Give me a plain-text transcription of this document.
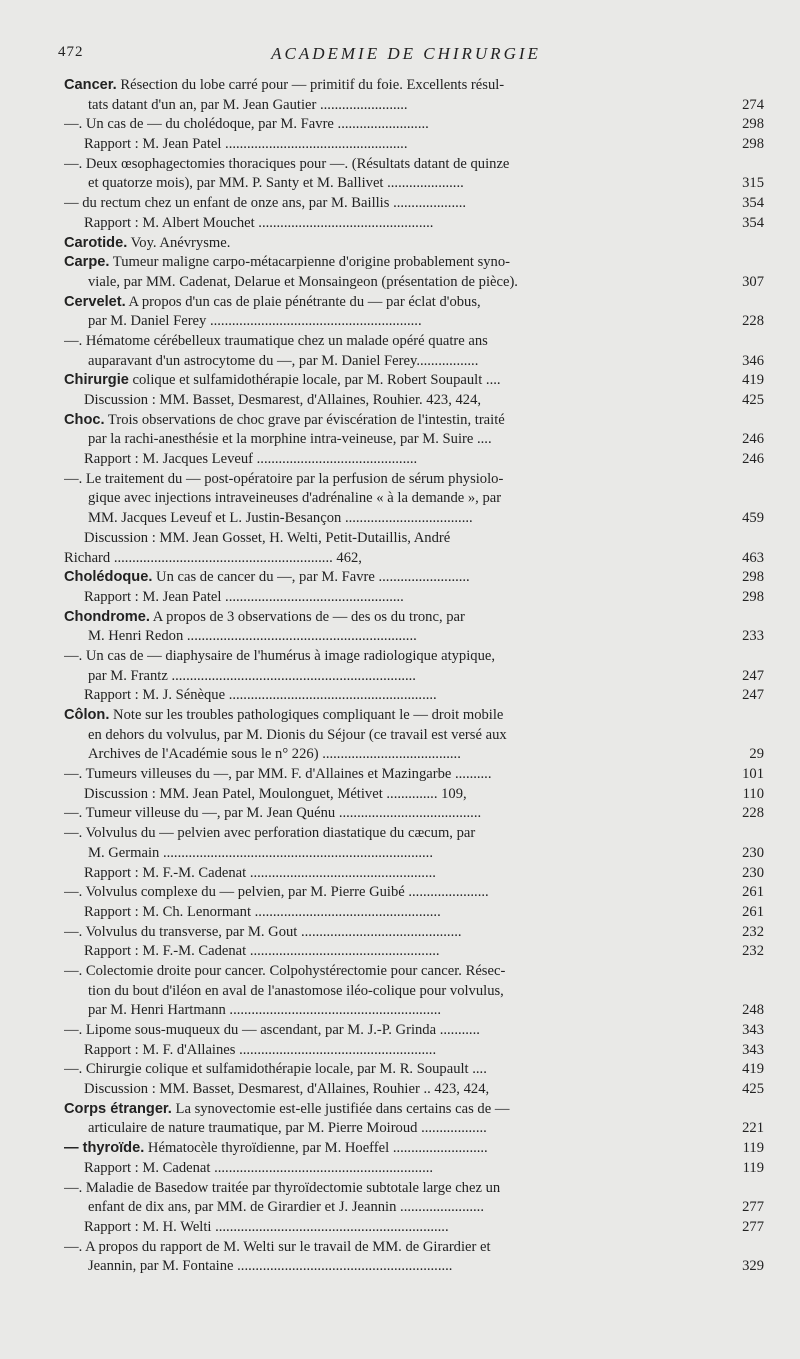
472	ACADEMIE DE CHIRURGIE
Cancer. Résection du lobe carré pour — primitif du foie. Excellents résul-
tats datant d'un an, par M. Jean Gautier ........................	274
—. Un cas de — du cholédoque, par M. Favre .........................	298
Rapport : M. Jean Patel ..................................................	298
—. Deux œsophagectomies thoraciques pour —. (Résultats datant de quinze
et quatorze mois), par MM. P. Santy et M. Ballivet .....................	315
— du rectum chez un enfant de onze ans, par M. Baillis ....................	354
Rapport : M. Albert Mouchet ................................................	354
Carotide. Voy. Anévrysme.
Carpe. Tumeur maligne carpo-métacarpienne d'origine probablement syno-
viale, par MM. Cadenat, Delarue et Monsaingeon (présentation de pièce).	307
Cervelet. A propos d'un cas de plaie pénétrante du — par éclat d'obus,
par M. Daniel Ferey ..........................................................	228
—. Hématome cérébelleux traumatique chez un malade opéré quatre ans
auparavant d'un astrocytome du —, par M. Daniel Ferey.................	346
Chirurgie colique et sulfamidothérapie locale, par M. Robert Soupault ....	419
Discussion : MM. Basset, Desmarest, d'Allaines, Rouhier. 423, 424,	425
Choc. Trois observations de choc grave par éviscération de l'intestin, traité
par la rachi-anesthésie et la morphine intra-veineuse, par M. Suire ....	246
Rapport : M. Jacques Leveuf ............................................	246
—. Le traitement du — post-opératoire par la perfusion de sérum physiolo-
gique avec injections intraveineuses d'adrénaline « à la demande », par
MM. Jacques Leveuf et L. Justin-Besançon ...................................	459
Discussion : MM. Jean Gosset, H. Welti, Petit-Dutaillis, André
Richard ............................................................ 462,	463
Cholédoque. Un cas de cancer du —, par M. Favre .........................	298
Rapport : M. Jean Patel .................................................	298
Chondrome. A propos de 3 observations de — des os du tronc, par
M. Henri Redon ...............................................................	233
—. Un cas de — diaphysaire de l'humérus à image radiologique atypique,
par M. Frantz ...................................................................	247
Rapport : M. J. Sénèque .........................................................	247
Côlon. Note sur les troubles pathologiques compliquant le — droit mobile
en dehors du volvulus, par M. Dionis du Séjour (ce travail est versé aux
Archives de l'Académie sous le n° 226) ......................................	29
—. Tumeurs villeuses du —, par MM. F. d'Allaines et Mazingarbe ..........	101
Discussion : MM. Jean Patel, Moulonguet, Métivet .............. 109,	110
—. Tumeur villeuse du —, par M. Jean Quénu .......................................	228
—. Volvulus du — pelvien avec perforation diastatique du cæcum, par
M. Germain ..........................................................................	230
Rapport : M. F.-M. Cadenat ...................................................	230
—. Volvulus complexe du — pelvien, par M. Pierre Guibé ......................	261
Rapport : M. Ch. Lenormant ...................................................	261
—. Volvulus du transverse, par M. Gout ............................................	232
Rapport : M. F.-M. Cadenat ....................................................	232
—. Colectomie droite pour cancer. Colpohystérectomie pour cancer. Résec-
tion du bout d'iléon en aval de l'anastomose iléo-colique pour volvulus,
par M. Henri Hartmann ..........................................................	248
—. Lipome sous-muqueux du — ascendant, par M. J.-P. Grinda ...........	343
Rapport : M. F. d'Allaines ......................................................	343
—. Chirurgie colique et sulfamidothérapie locale, par M. R. Soupault ....	419
Discussion : MM. Basset, Desmarest, d'Allaines, Rouhier .. 423, 424,	425
Corps étranger. La synovectomie est-elle justifiée dans certains cas de —
articulaire de nature traumatique, par M. Pierre Moiroud ..................	221
— thyroïde. Hématocèle thyroïdienne, par M. Hoeffel ..........................	119
Rapport : M. Cadenat ............................................................	119
—. Maladie de Basedow traitée par thyroïdectomie subtotale large chez un
enfant de dix ans, par MM. de Girardier et J. Jeannin .......................	277
Rapport : M. H. Welti ................................................................	277
—. A propos du rapport de M. Welti sur le travail de MM. de Girardier et
Jeannin, par M. Fontaine ...........................................................	329
